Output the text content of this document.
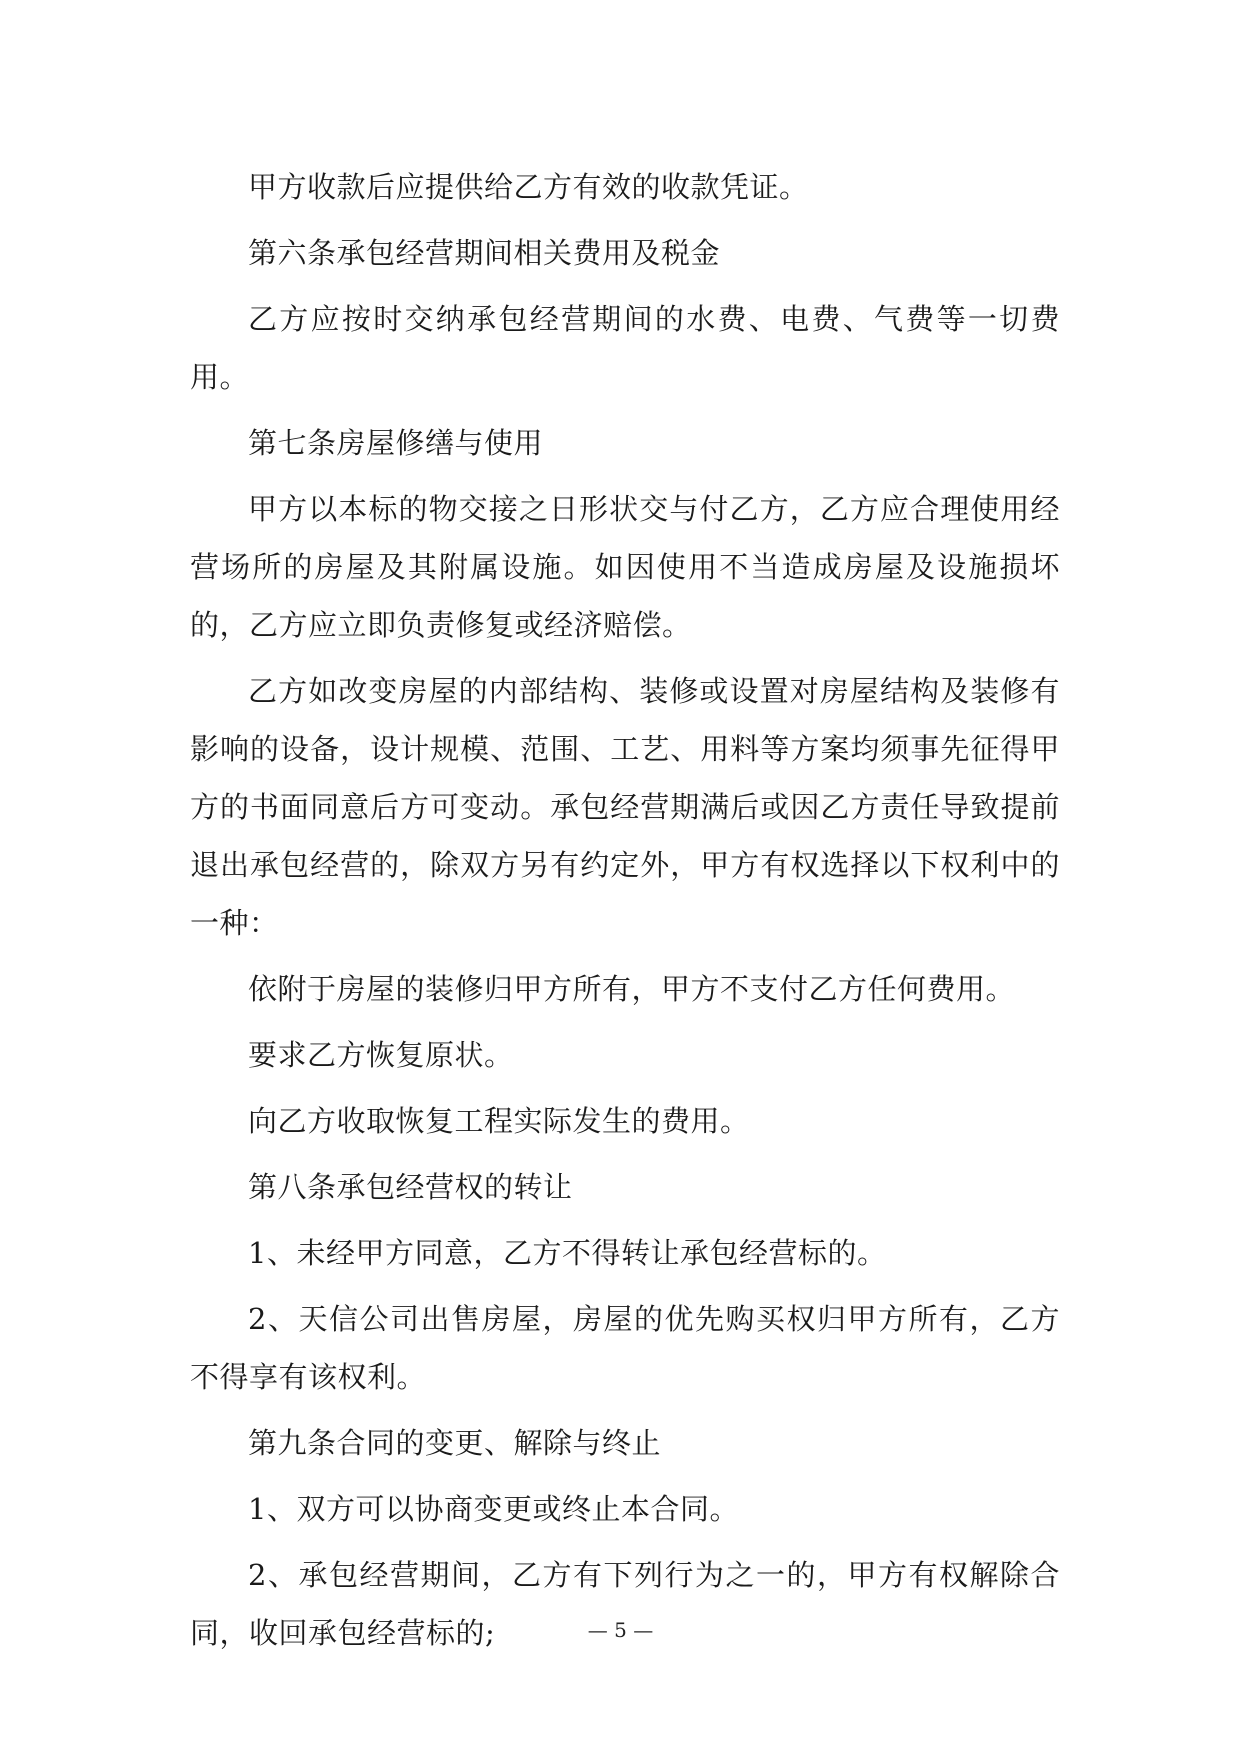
甲方收款后应提供给乙方有效的收款凭证。

第六条承包经营期间相关费用及税金

乙方应按时交纳承包经营期间的水费、电费、气费等一切费用。

第七条房屋修缮与使用

甲方以本标的物交接之日形状交与付乙方，乙方应合理使用经营场所的房屋及其附属设施。如因使用不当造成房屋及设施损坏的，乙方应立即负责修复或经济赔偿。

乙方如改变房屋的内部结构、装修或设置对房屋结构及装修有影响的设备，设计规模、范围、工艺、用料等方案均须事先征得甲方的书面同意后方可变动。承包经营期满后或因乙方责任导致提前退出承包经营的，除双方另有约定外，甲方有权选择以下权利中的一种：

依附于房屋的装修归甲方所有，甲方不支付乙方任何费用。

要求乙方恢复原状。

向乙方收取恢复工程实际发生的费用。

第八条承包经营权的转让

1、未经甲方同意，乙方不得转让承包经营标的。

2、天信公司出售房屋，房屋的优先购买权归甲方所有，乙方不得享有该权利。

第九条合同的变更、解除与终止

1、双方可以协商变更或终止本合同。

2、承包经营期间，乙方有下列行为之一的，甲方有权解除合同，收回承包经营标的;	— 5 —
